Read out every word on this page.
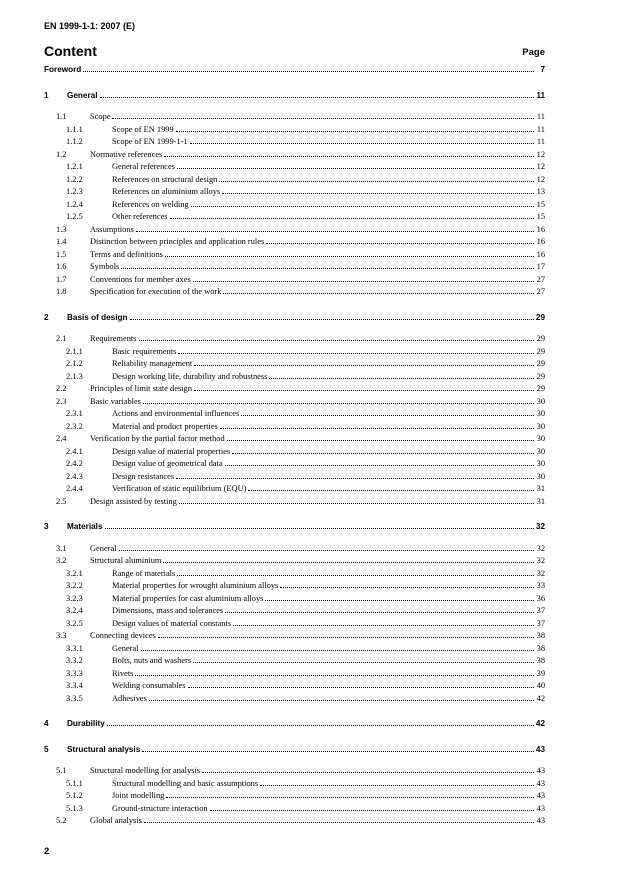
EN 1999-1-1: 2007 (E)
Content	Page
Foreword	7
1	General	11
1.1	Scope	11
1.1.1	Scope of EN 1999	11
1.1.2	Scope of EN 1999-1-1	11
1.2	Normative references	12
1.2.1	General references	12
1.2.2	References on structural design	12
1.2.3	References on aluminium alloys	13
1.2.4	References on welding	15
1.2.5	Other references	15
1.3	Assumptions	16
1.4	Distinction between principles and application rules	16
1.5	Terms and definitions	16
1.6	Symbols	17
1.7	Conventions for member axes	27
1.8	Specification for execution of the work	27
2	Basis of design	29
2.1	Requirements	29
2.1.1	Basic requirements	29
2.1.2	Reliability management	29
2.1.3	Design working life, durability and robustness	29
2.2	Principles of limit state design	29
2.3	Basic variables	30
2.3.1	Actions and environmental influences	30
2.3.2	Material and product properties	30
2.4	Verification by the partial factor method	30
2.4.1	Design value of material properties	30
2.4.2	Design value of geometrical data	30
2.4.3	Design resistances	30
2.4.4	Verification of static equilibrium (EQU)	31
2.5	Design assisted by testing	31
3	Materials	32
3.1	General	32
3.2	Structural aluminium	32
3.2.1	Range of materials	32
3.2.2	Material properties for wrought aluminium alloys	33
3.2.3	Material properties for cast aluminium alloys	36
3.2.4	Dimensions, mass and tolerances	37
3.2.5	Design values of material constants	37
3.3	Connecting devices	38
3.3.1	General	38
3.3.2	Bolts, nuts and washers	38
3.3.3	Rivets	39
3.3.4	Welding consumables	40
3.3.5	Adhesives	42
4	Durability	42
5	Structural analysis	43
5.1	Structural modelling for analysis	43
5.1.1	Structural modelling and basic assumptions	43
5.1.2	Joint modelling	43
5.1.3	Ground-structure interaction	43
5.2	Global analysis	43
2
